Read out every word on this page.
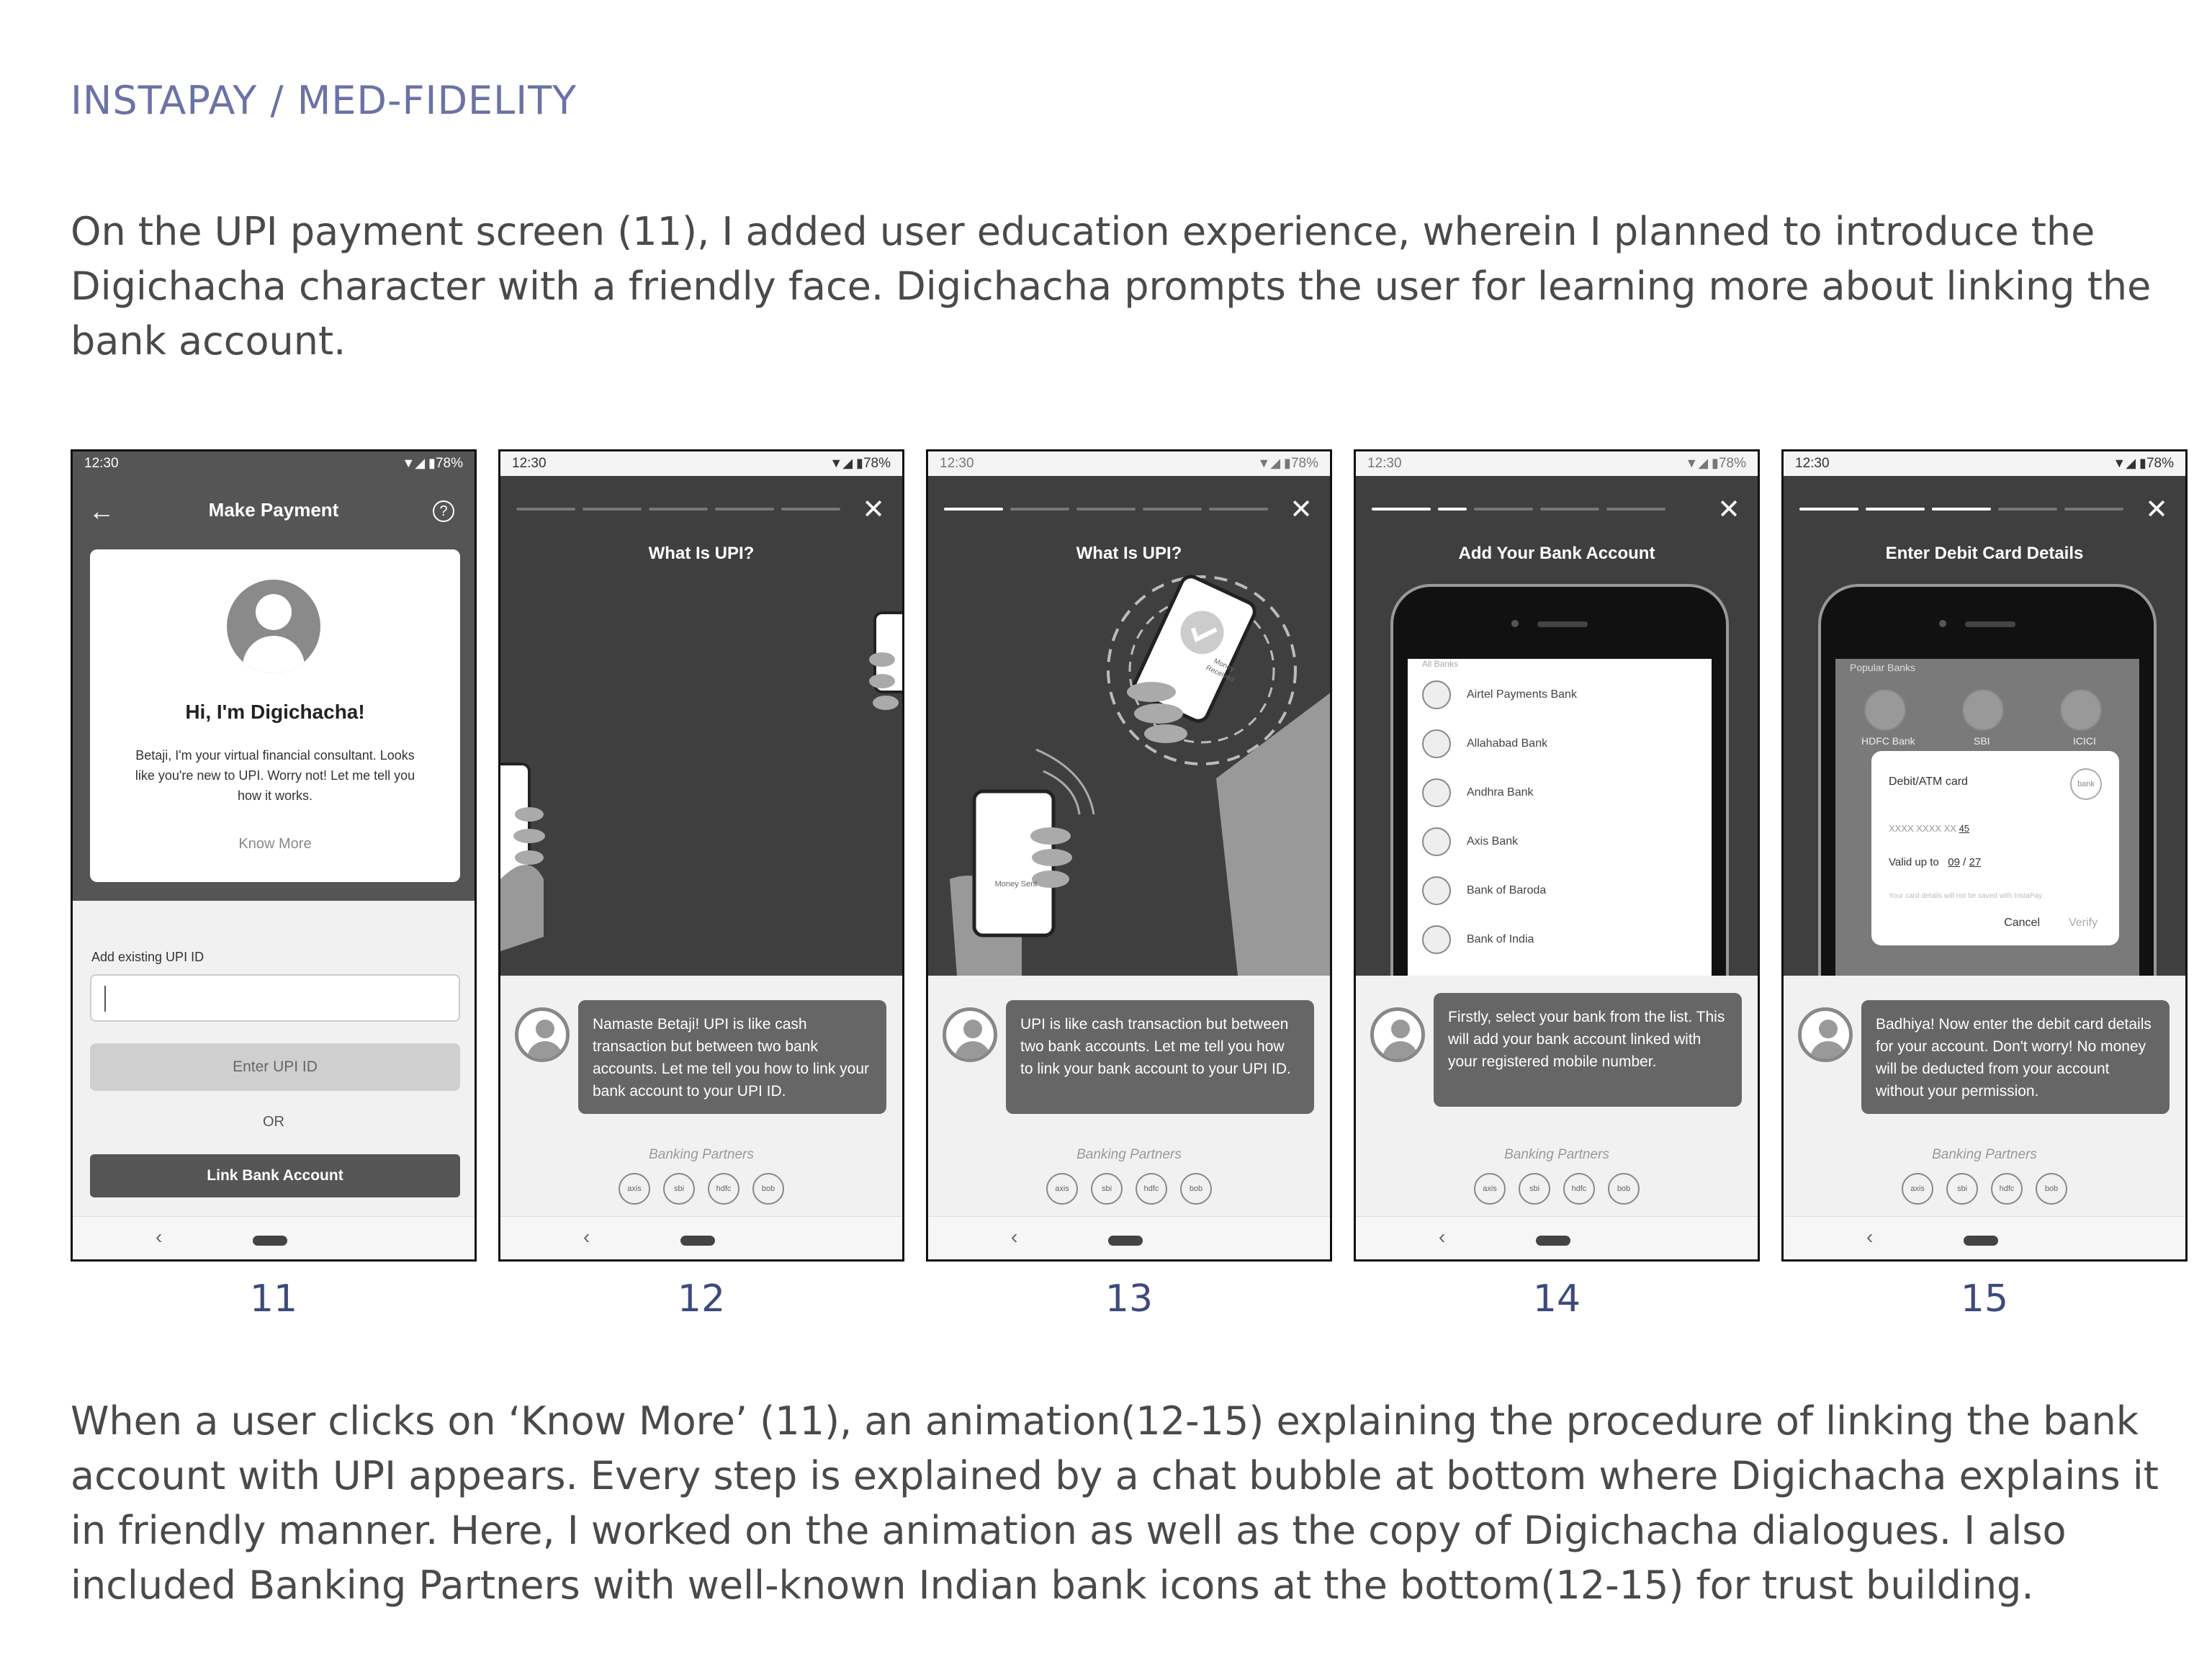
INSTAPAY / MED-FIDELITY
On the UPI payment screen (11), I added user education experience, wherein I planned to introduce the Digichacha character with a friendly face. Digichacha prompts the user for learning more about linking the bank account.
12:30	▼◢ ▮78%
←	Make Payment	?
Hi, I'm Digichacha!
Betaji, I'm your virtual financial consultant. Looks like you're new to UPI. Worry not! Let me tell you how it works.
Know More
Add existing UPI ID
Enter UPI ID
OR
Link Bank Account
‹
12:30	▼◢ ▮78%
✕
What Is UPI?
Namaste Betaji! UPI is like cash transaction but between two bank accounts. Let me tell you how to link your bank account to your UPI ID.
Banking Partners
axis	sbi	hdfc	bob
‹
12:30	▼◢ ▮78%
✕
What Is UPI?
Money Sent
Money Received
UPI is like cash transaction but between two bank accounts. Let me tell you how to link your bank account to your UPI ID.
Banking Partners
axis	sbi	hdfc	bob
‹
12:30	▼◢ ▮78%
✕
Add Your Bank Account
All Banks
Airtel Payments Bank
Allahabad Bank
Andhra Bank
Axis Bank
Bank of Baroda
Bank of India
Firstly, select your bank from the list. This will add your bank account linked with your registered mobile number.
Banking Partners
axis	sbi	hdfc	bob
‹
12:30	▼◢ ▮78%
✕
Enter Debit Card Details
Popular Banks
HDFC Bank	SBI	ICICI
Debit/ATM card	bank
XXXX XXXX XX 45
Valid up to 09 / 27
Your card details will not be saved with InstaPay.
Cancel Verify
Badhiya! Now enter the debit card details for your account. Don't worry! No money will be deducted from your account without your permission.
Banking Partners
axis	sbi	hdfc	bob
‹
11	12	13	14	15
When a user clicks on ‘Know More’ (11), an animation(12-15) explaining the procedure of linking the bank account with UPI appears. Every step is explained by a chat bubble at bottom where Digichacha explains it in friendly manner. Here, I worked on the animation as well as the copy of Digichacha dialogues. I also included Banking Partners with well-known Indian bank icons at the bottom(12-15) for trust building.
